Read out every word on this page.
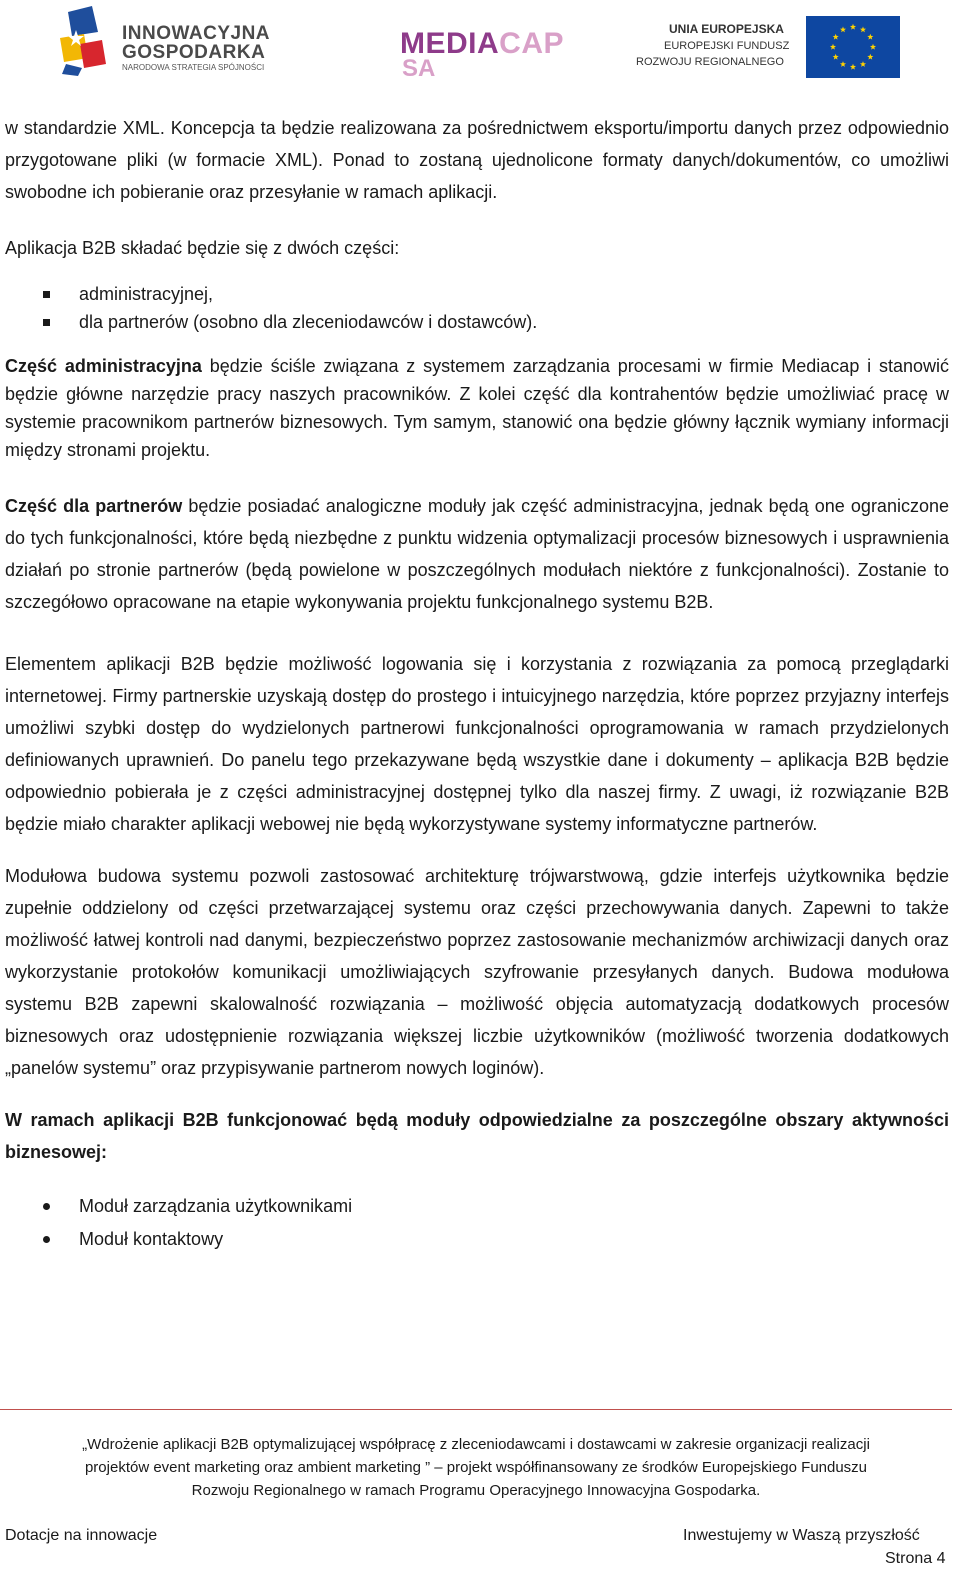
INNOWACYJNA
GOSPODARKA
NARODOWA STRATEGIA SPÓJNOŚCI
MEDIACAP
SA
UNIA EUROPEJSKA
EUROPEJSKI FUNDUSZ
ROZWOJU REGIONALNEGO

w standardzie XML. Koncepcja ta będzie realizowana za pośrednictwem eksportu/importu danych przez odpowiednio przygotowane pliki (w formacie XML). Ponad to zostaną ujednolicone formaty danych/dokumentów, co umożliwi swobodne ich pobieranie oraz przesyłanie w ramach aplikacji.

Aplikacja B2B składać będzie się z dwóch części:

administracyjnej,
dla partnerów (osobno dla zleceniodawców i dostawców).

Część administracyjna będzie ściśle związana z systemem zarządzania procesami w firmie Mediacap i stanowić będzie główne narzędzie pracy naszych pracowników. Z kolei część dla kontrahentów będzie umożliwiać pracę w systemie pracownikom partnerów biznesowych. Tym samym, stanowić ona będzie główny łącznik wymiany informacji między stronami projektu.

Część dla partnerów będzie posiadać analogiczne moduły jak część administracyjna, jednak będą one ograniczone do tych funkcjonalności, które będą niezbędne z punktu widzenia optymalizacji procesów biznesowych i usprawnienia działań po stronie partnerów (będą powielone w poszczególnych modułach niektóre z funkcjonalności). Zostanie to szczegółowo opracowane na etapie wykonywania projektu funkcjonalnego systemu B2B.

Elementem aplikacji B2B będzie możliwość logowania się i korzystania z rozwiązania za pomocą przeglądarki internetowej. Firmy partnerskie uzyskają dostęp do prostego i intuicyjnego narzędzia, które poprzez przyjazny interfejs umożliwi szybki dostęp do wydzielonych partnerowi funkcjonalności oprogramowania w ramach przydzielonych definiowanych uprawnień. Do panelu tego przekazywane będą wszystkie dane i dokumenty – aplikacja B2B będzie odpowiednio pobierała je z części administracyjnej dostępnej tylko dla naszej firmy. Z uwagi, iż rozwiązanie B2B będzie miało charakter aplikacji webowej nie będą wykorzystywane systemy informatyczne partnerów.

Modułowa budowa systemu pozwoli zastosować architekturę trójwarstwową, gdzie interfejs użytkownika będzie zupełnie oddzielony od części przetwarzającej systemu oraz części przechowywania danych. Zapewni to także możliwość łatwej kontroli nad danymi, bezpieczeństwo poprzez zastosowanie mechanizmów archiwizacji danych oraz wykorzystanie protokołów komunikacji umożliwiających szyfrowanie przesyłanych danych. Budowa modułowa systemu B2B zapewni skalowalność rozwiązania – możliwość objęcia automatyzacją dodatkowych procesów biznesowych oraz udostępnienie rozwiązania większej liczbie użytkowników (możliwość tworzenia dodatkowych „panelów systemu” oraz przypisywanie partnerom nowych loginów).

W ramach aplikacji B2B funkcjonować będą moduły odpowiedzialne za poszczególne obszary aktywności biznesowej:

Moduł zarządzania użytkownikami
Moduł kontaktowy
„Wdrożenie aplikacji B2B optymalizującej współpracę z zleceniodawcami i dostawcami w zakresie organizacji realizacji
projektów event marketing oraz ambient marketing ” – projekt współfinansowany ze środków Europejskiego Funduszu
Rozwoju Regionalnego w ramach Programu Operacyjnego Innowacyjna Gospodarka.
Dotacje na innowacje	Inwestujemy w Waszą przyszłość
Strona 4
